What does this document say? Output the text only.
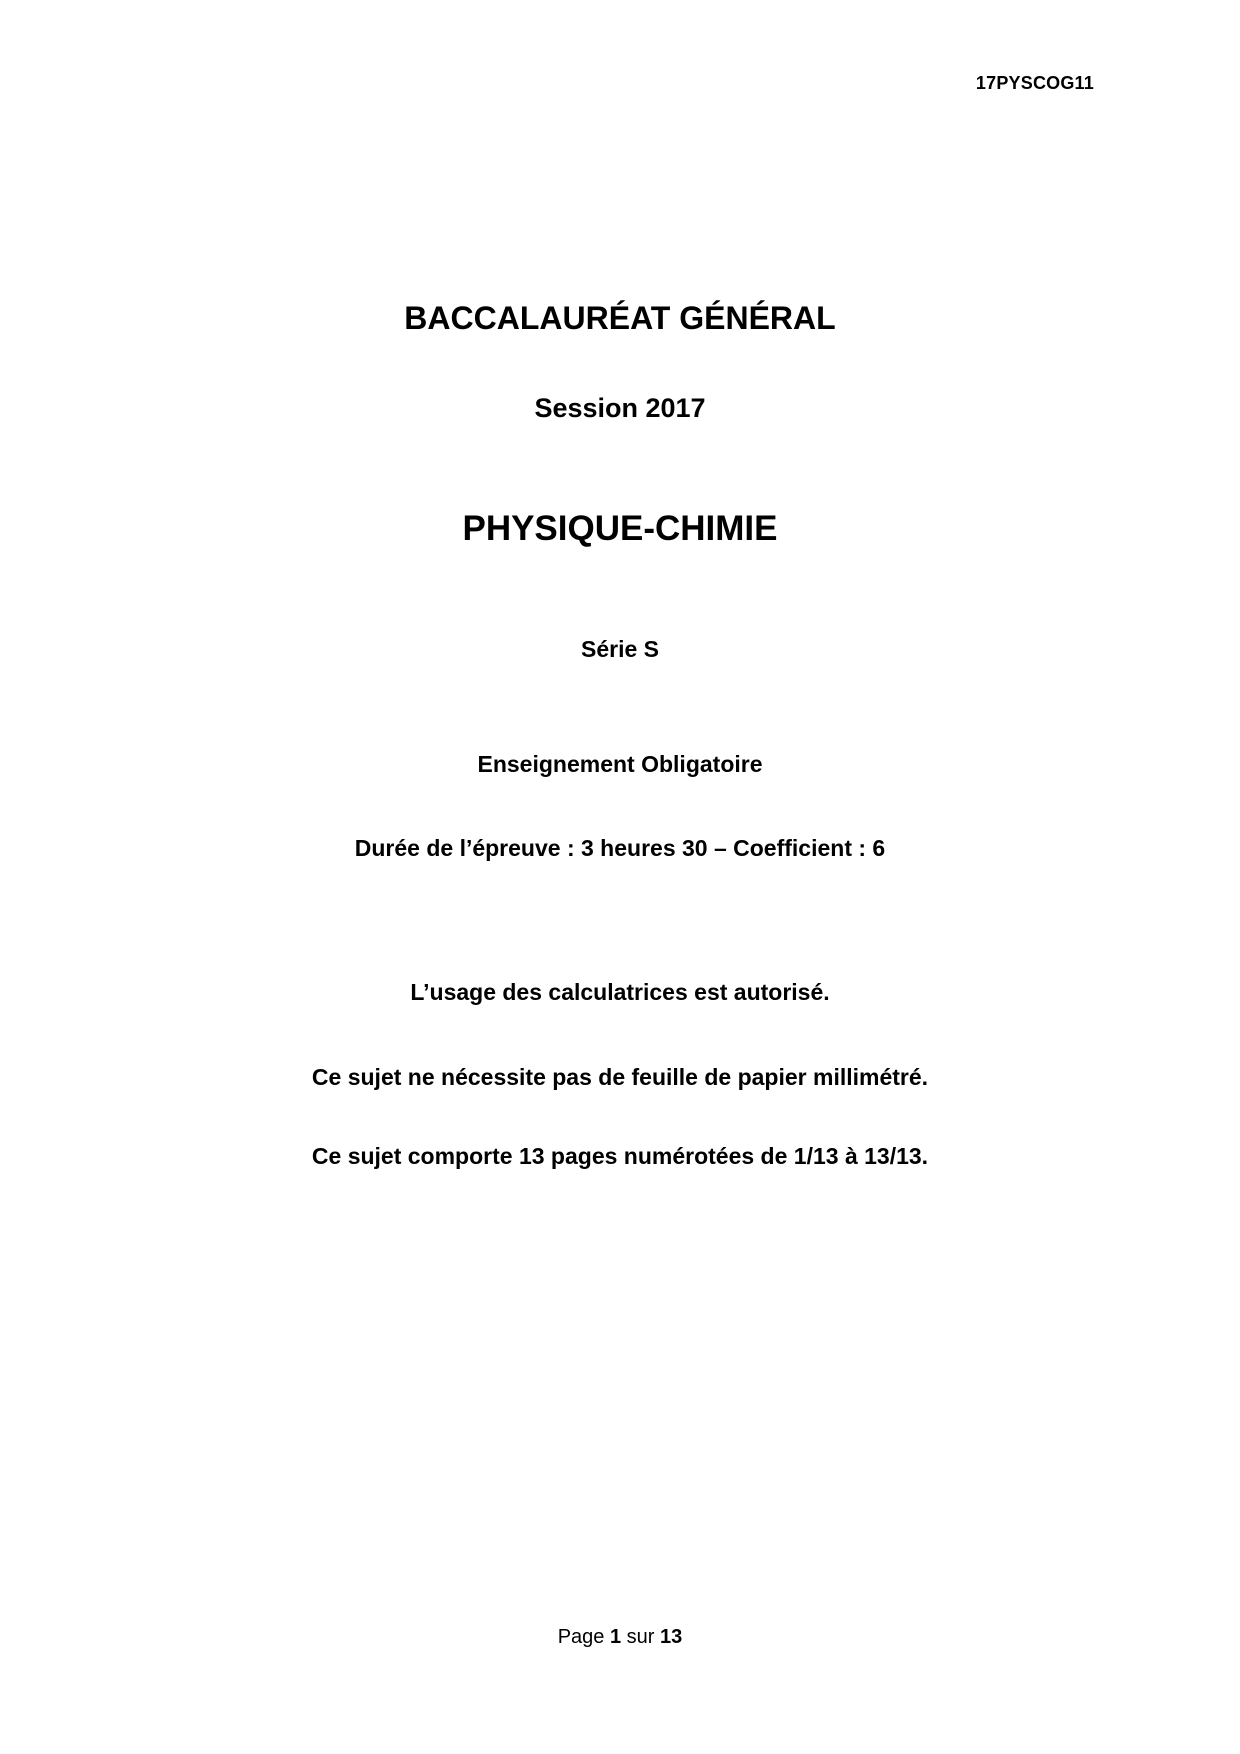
17PYSCOG11
BACCALAURÉAT GÉNÉRAL
Session 2017
PHYSIQUE-CHIMIE
Série S
Enseignement Obligatoire
Durée de l’épreuve : 3 heures 30 – Coefficient : 6
L’usage des calculatrices est autorisé.
Ce sujet ne nécessite pas de feuille de papier millimétré.
Ce sujet comporte 13 pages numérotées de 1/13 à 13/13.
Page 1 sur 13
